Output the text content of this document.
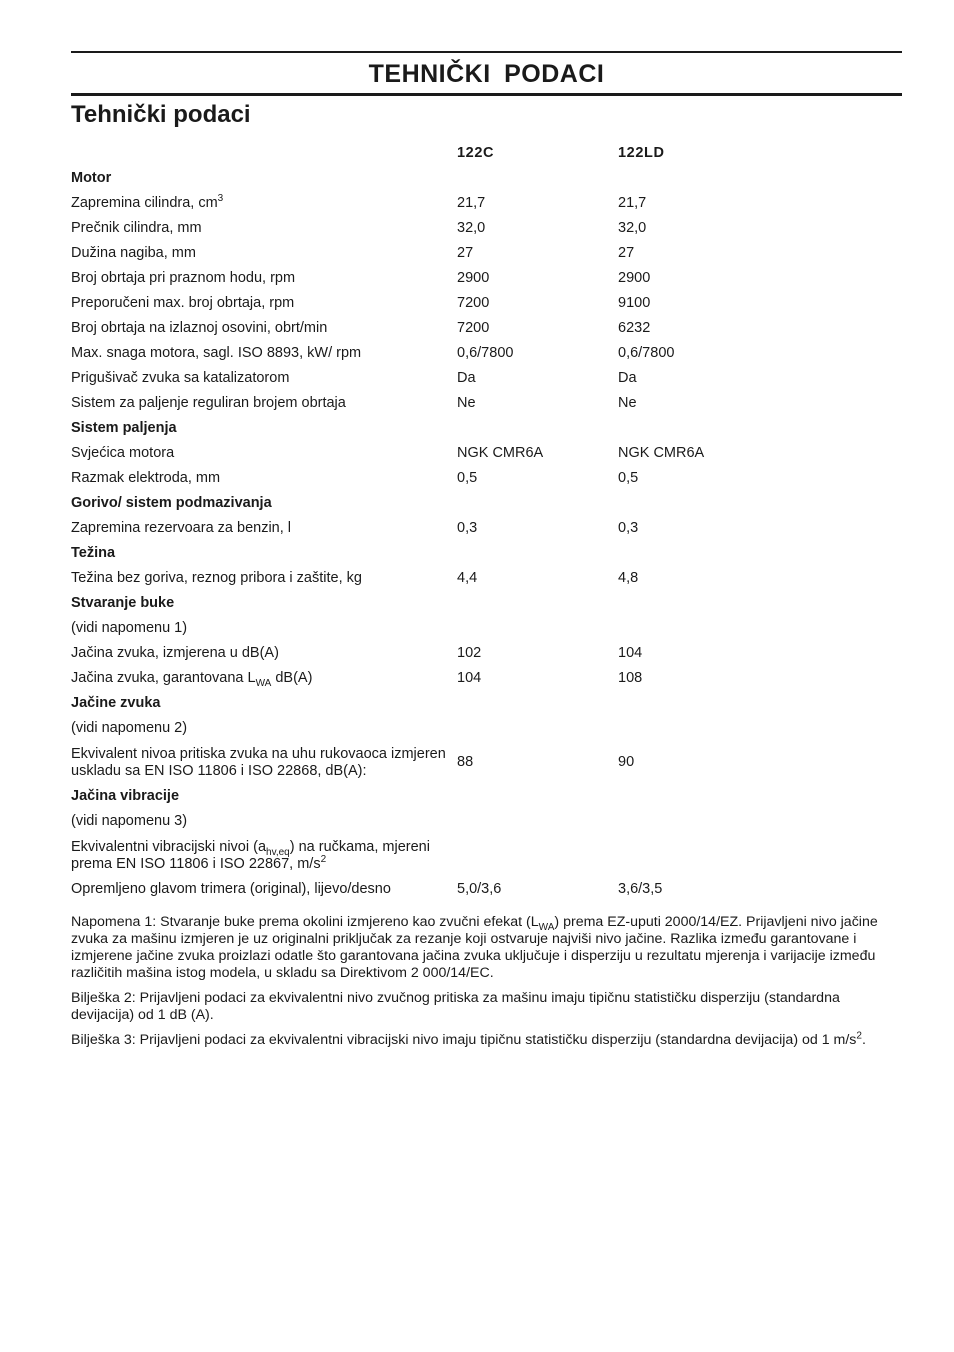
TEHNIČKI PODACI
Tehnički podaci
122C	122LD
Motor
Zapremina cilindra, $cm^3$	21,7	21,7
Prečnik cilindra, mm	32,0	32,0
Dužina nagiba, mm	27	27
Broj obrtaja pri praznom hodu, rpm	2900	2900
Preporučeni max. broj obrtaja, rpm	7200	9100
Broj obrtaja na izlaznoj osovini, obrt/min	7200	6232
Max. snaga motora, sagl. ISO 8893, kW/ rpm	0,6/7800	0,6/7800
Prigušivač zvuka sa katalizatorom	Da	Da
Sistem za paljenje reguliran brojem obrtaja	Ne	Ne
Sistem paljenja
Svjećica motora	NGK CMR6A	NGK CMR6A
Razmak elektroda, mm	0,5	0,5
Gorivo/ sistem podmazivanja
Zapremina rezervoara za benzin, l	0,3	0,3
Težina
Težina bez goriva, reznog pribora i zaštite, kg	4,4	4,8
Stvaranje buke
(vidi napomenu 1)
Jačina zvuka, izmjerena u dB(A)	102	104
Jačina zvuka, garantovana $L_{WA}$ dB(A)	104	108
Jačine zvuka
(vidi napomenu 2)
Ekvivalent nivoa pritiska zvuka na uhu rukovaoca izmjeren uskladu sa EN ISO 11806 i ISO 22868, dB(A):
88	90
Jačina vibracije
(vidi napomenu 3)
Ekvivalentni vibracijski nivoi $(a_{hv,eq})$ na ručkama, mjereni prema EN ISO 11806 i ISO 22867, $m/s^2$
Opremljeno glavom trimera (original), lijevo/desno	5,0/3,6	3,6/3,5

Napomena 1: Stvaranje buke prema okolini izmjereno kao zvučni efekat $(L_{WA})$ prema EZ-uputi 2000/14/EZ. Prijavljeni nivo jačine zvuka za mašinu izmjeren je uz originalni priključak za rezanje koji ostvaruje najviši nivo jačine. Razlika između garantovane i izmjerene jačine zvuka proizlazi odatle što garantovana jačina zvuka uključuje i disperziju u rezultatu mjerenja i varijacije između različitih mašina istog modela, u skladu sa Direktivom 2 000/14/EC.

Bilješka 2: Prijavljeni podaci za ekvivalentni nivo zvučnog pritiska za mašinu imaju tipičnu statističku disperziju (standardna devijacija) od 1 dB (A).

Bilješka 3: Prijavljeni podaci za ekvivalentni vibracijski nivo imaju tipičnu statističku disperziju (standardna devijacija) od 1 $m/s^2$.
